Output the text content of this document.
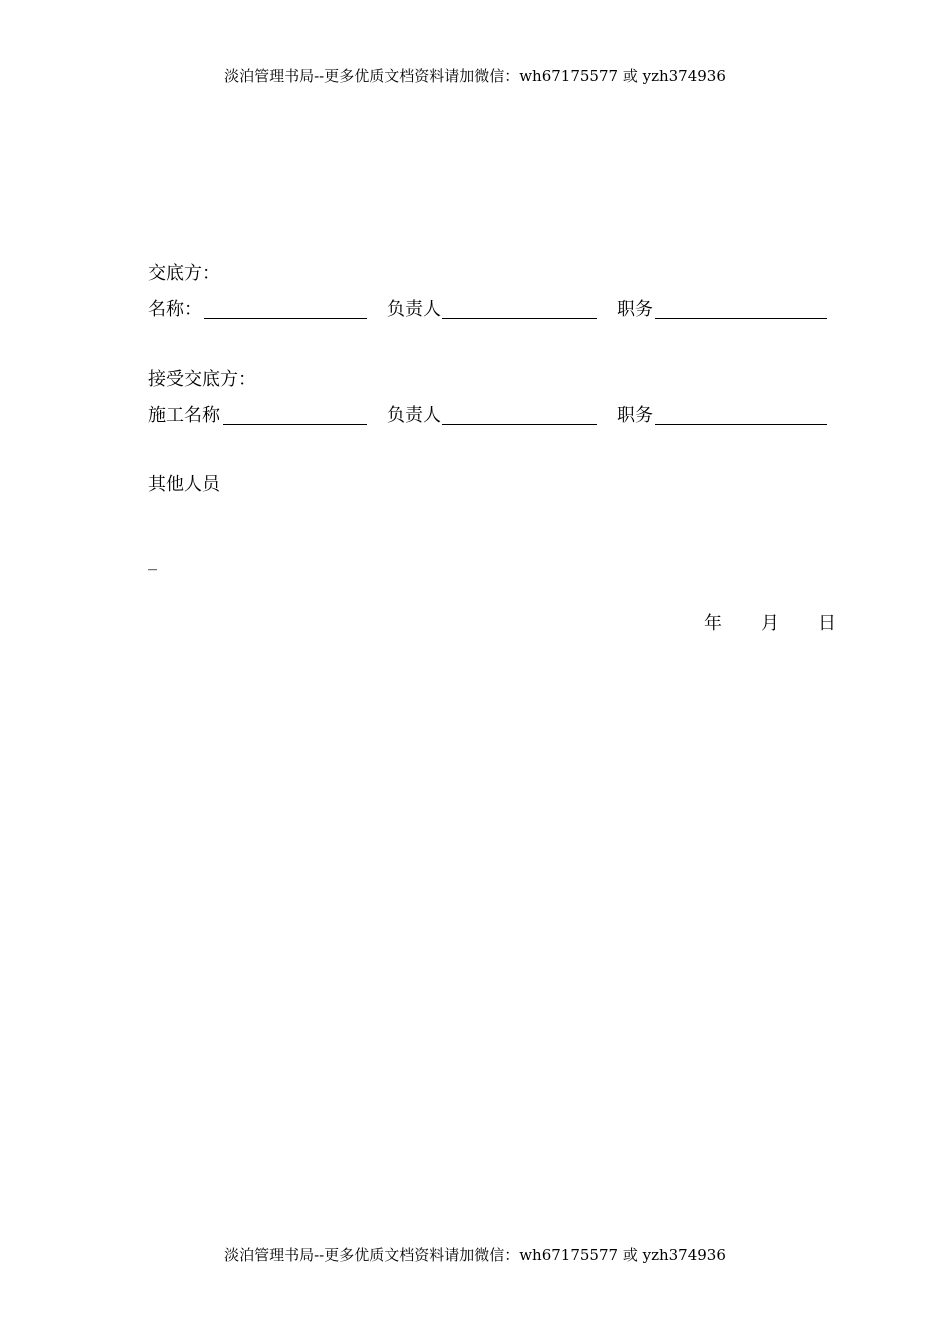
淡泊管理书局--更多优质文档资料请加微信：wh67175577 或 yzh374936
交底方：
名称：	负责人	职务
接受交底方：
施工名称	负责人	职务
其他人员
_
年 月 日
淡泊管理书局--更多优质文档资料请加微信：wh67175577 或 yzh374936
